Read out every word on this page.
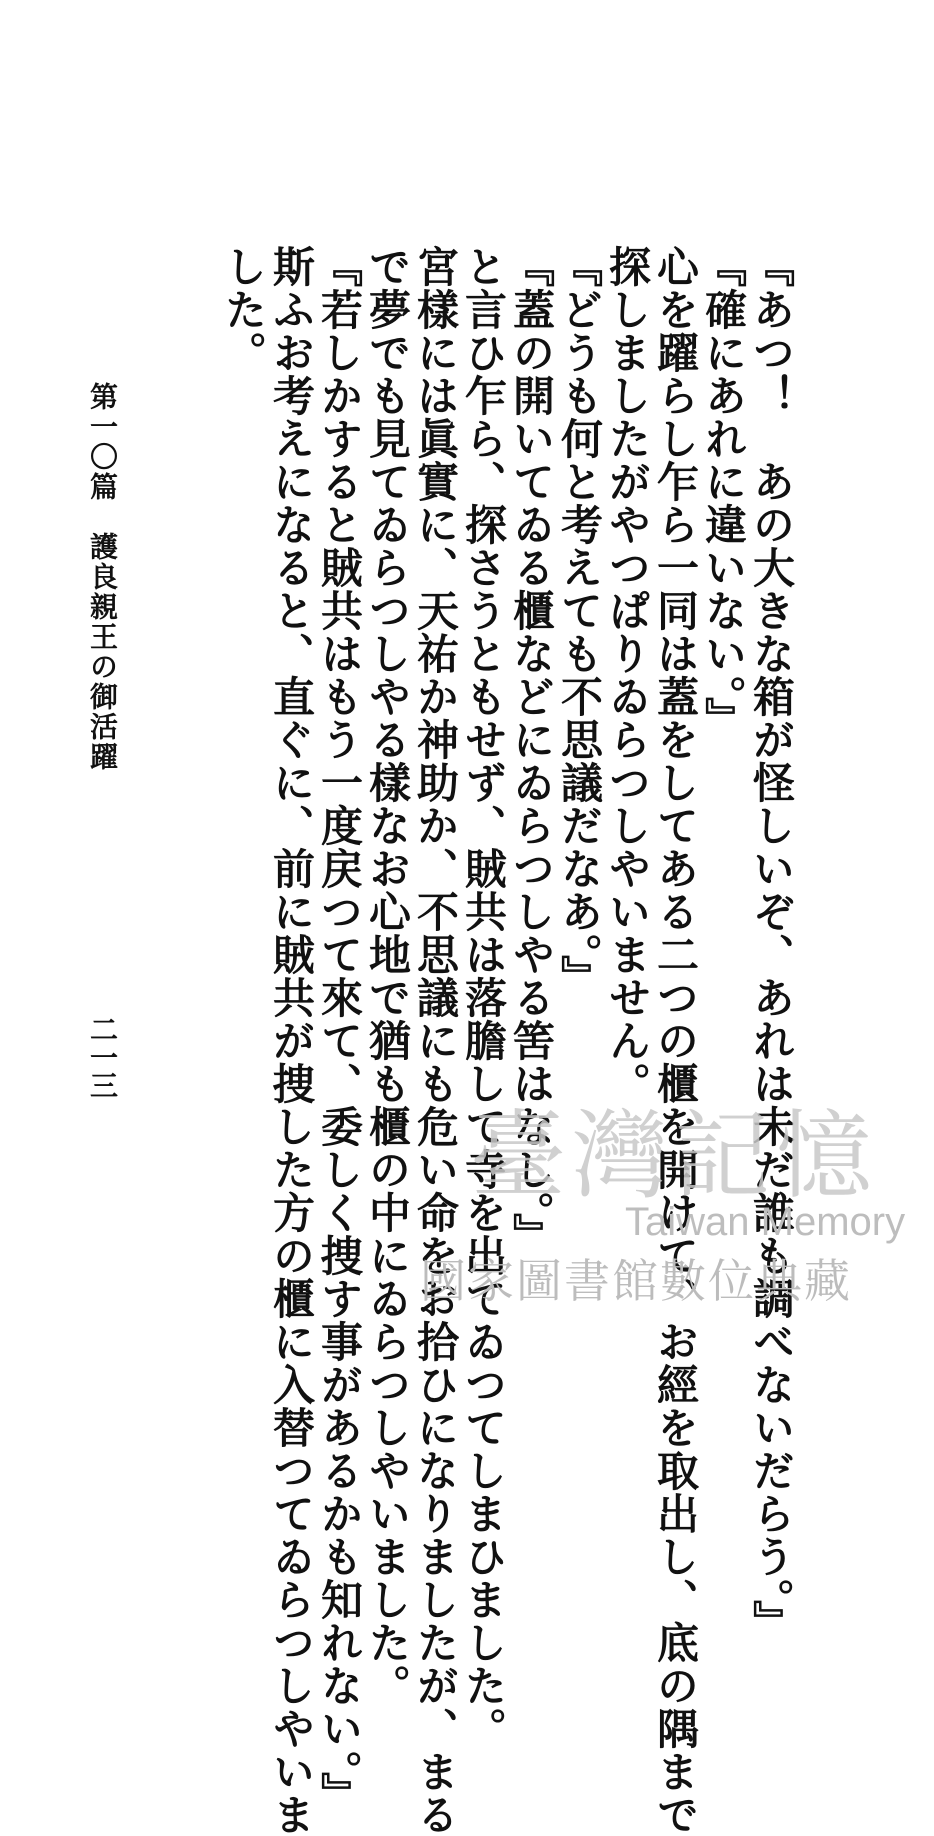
『あつ！　あの大きな箱が怪しいぞ、あれは未だ誰も調べないだらう。』
『確にあれに違いない。』
心を躍らし乍ら一同は蓋をしてある二つの櫃を開けて、お經を取出し、底の隅まで
探しましたがやつぱりゐらつしやいません。
『どうも何と考えても不思議だなあ。』
『蓋の開いてゐる櫃などにゐらつしやる筈はなし。』
と言ひ乍ら、探さうともせず、賊共は落膽して寺を出てゐつてしまひました。
宮樣には眞實に、天祐か神助か、不思議にも危い命をお拾ひになりましたが、まる
で夢でも見てゐらつしやる樣なお心地で猶も櫃の中にゐらつしやいました。
『若しかすると賊共はもう一度戻つて來て、委しく捜す事があるかも知れない。』
斯ふお考えになると、直ぐに、前に賊共が捜した方の櫃に入替つてゐらつしやいま
した。
第一〇篇　護良親王の御活躍
二一三
臺灣記憶
Taiwan Memory
國家圖書館數位典藏
